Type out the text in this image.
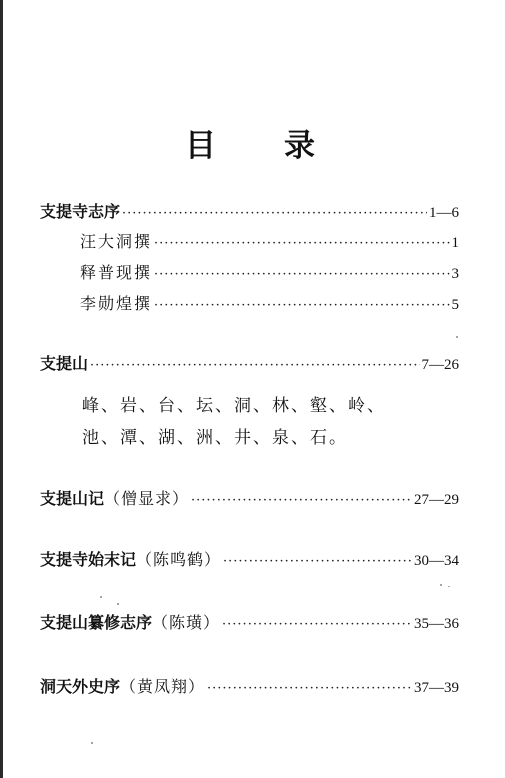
目 录
支提寺志序 ·····	1—6
汪大洞撰 ·····	1
释普现撰 ·····	3
李勋煌撰 ·····	5
支提山 ·····	7—26
峰、岩、台、坛、洞、林、壑、岭、
池、潭、湖、洲、井、泉、石。
支提山记（僧显求） ·····	27—29
支提寺始末记（陈鸣鹤） ·····	30—34
支提山纂修志序（陈璜） ·····	35—36
洞天外史序（黄凤翔） ·····	37—39
